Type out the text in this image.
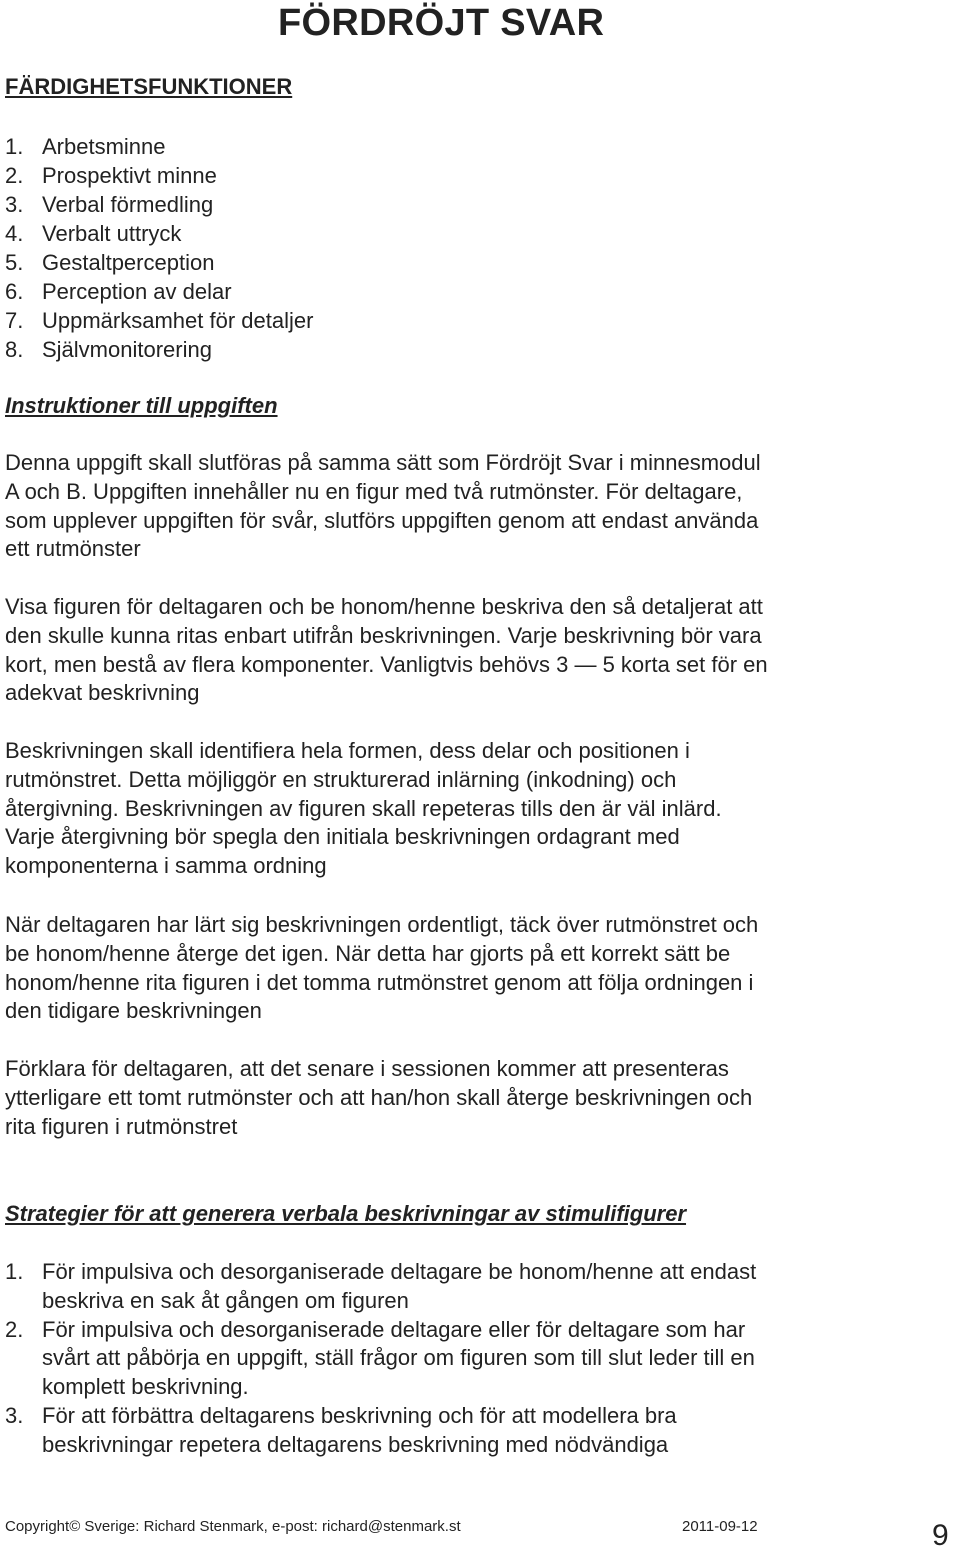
FÖRDRÖJT SVAR
FÄRDIGHETSFUNKTIONER
1. Arbetsminne
2. Prospektivt minne
3. Verbal förmedling
4. Verbalt uttryck
5. Gestaltperception
6. Perception av delar
7. Uppmärksamhet för detaljer
8. Självmonitorering
Instruktioner till uppgiften
Denna uppgift skall slutföras på samma sätt som Fördröjt Svar i minnesmodul
A och B. Uppgiften innehåller nu en figur med två rutmönster. För deltagare,
som upplever uppgiften för svår, slutförs uppgiften genom att endast använda
ett rutmönster
Visa figuren för deltagaren och be honom/henne beskriva den så detaljerat att
den skulle kunna ritas enbart utifrån beskrivningen. Varje beskrivning bör vara
kort, men bestå av flera komponenter. Vanligtvis behövs 3 — 5 korta set för en
adekvat beskrivning
Beskrivningen skall identifiera hela formen, dess delar och positionen i
rutmönstret. Detta möjliggör en strukturerad inlärning (inkodning) och
återgivning. Beskrivningen av figuren skall repeteras tills den är väl inlärd.
Varje återgivning bör spegla den initiala beskrivningen ordagrant med
komponenterna i samma ordning
När deltagaren har lärt sig beskrivningen ordentligt, täck över rutmönstret och
be honom/henne återge det igen. När detta har gjorts på ett korrekt sätt be
honom/henne rita figuren i det tomma rutmönstret genom att följa ordningen i
den tidigare beskrivningen
Förklara för deltagaren, att det senare i sessionen kommer att presenteras
ytterligare ett tomt rutmönster och att han/hon skall återge beskrivningen och
rita figuren i rutmönstret
Strategier för att generera verbala beskrivningar av stimulifigurer
1. För impulsiva och desorganiserade deltagare be honom/henne att endast
beskriva en sak åt gången om figuren
2. För impulsiva och desorganiserade deltagare eller för deltagare som har
svårt att påbörja en uppgift, ställ frågor om figuren som till slut leder till en
komplett beskrivning.
3. För att förbättra deltagarens beskrivning och för att modellera bra
beskrivningar repetera deltagarens beskrivning med nödvändiga
Copyright© Sverige: Richard Stenmark, e-post: richard@stenmark.st	2011-09-12	9
